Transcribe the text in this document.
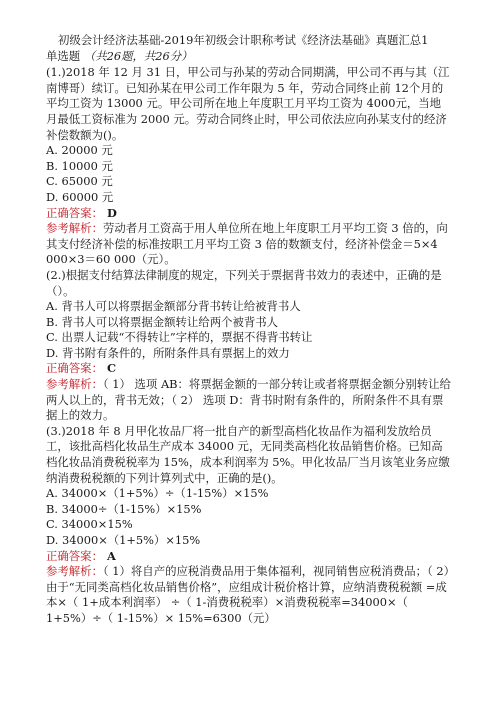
初级会计经济法基础-2019年初级会计职称考试《经济法基础》真题汇总1

单选题 （共26题，共26分）

(1.)2018 年 12 月 31 日，甲公司与孙某的劳动合同期满，甲公司不再与其（江南博哥）续订。已知孙某在甲公司工作年限为 5 年，劳动合同终止前 12个月的平均工资为 13000 元。甲公司所在地上年度职工月平均工资为 4000元，当地月最低工资标准为 2000 元。劳动合同终止时，甲公司依法应向孙某支付的经济补偿数额为()。

A. 20000 元

B. 10000 元

C. 65000 元

D. 60000 元

正确答案： D

参考解析：劳动者月工资高于用人单位所在地上年度职工月平均工资 3 倍的，向其支付经济补偿的标准按职工月平均工资 3 倍的数额支付，经济补偿金＝5×4 000×3＝60 000（元）。

(2.)根据支付结算法律制度的规定，下列关于票据背书效力的表述中，正确的是（）。

A. 背书人可以将票据金额部分背书转让给被背书人

B. 背书人可以将票据金额转让给两个被背书人

C. 出票人记载“不得转让”字样的，票据不得背书转让

D. 背书附有条件的，所附条件具有票据上的效力

正确答案： C

参考解析：（ 1） 选项 AB：将票据金额的一部分转让或者将票据金额分别转让给两人以上的，背书无效；（ 2） 选项 D：背书时附有条件的，所附条件不具有票据上的效力。

(3.)2018 年 8 月甲化妆品厂将一批自产的新型高档化妆品作为福利发放给员工，该批高档化妆品生产成本 34000 元，无同类高档化妆品销售价格。已知高档化妆品消费税税率为 15%，成本利润率为 5%。甲化妆品厂当月该笔业务应缴纳消费税税额的下列计算列式中，正确的是()。

A. 34000×（1+5%）÷（1-15%）×15%

B. 34000÷（1-15%）×15%

C. 34000×15%

D. 34000×（1+5%）×15%

正确答案： A

参考解析：（ 1）将自产的应税消费品用于集体福利，视同销售应税消费品；（ 2）由于“无同类高档化妆品销售价格”，应组成计税价格计算，应纳消费税税额 =成本×（ 1+成本利润率） ÷（ 1-消费税税率）×消费税税率=34000×（ 1+5%）÷（ 1-15%）× 15%=6300（元）
